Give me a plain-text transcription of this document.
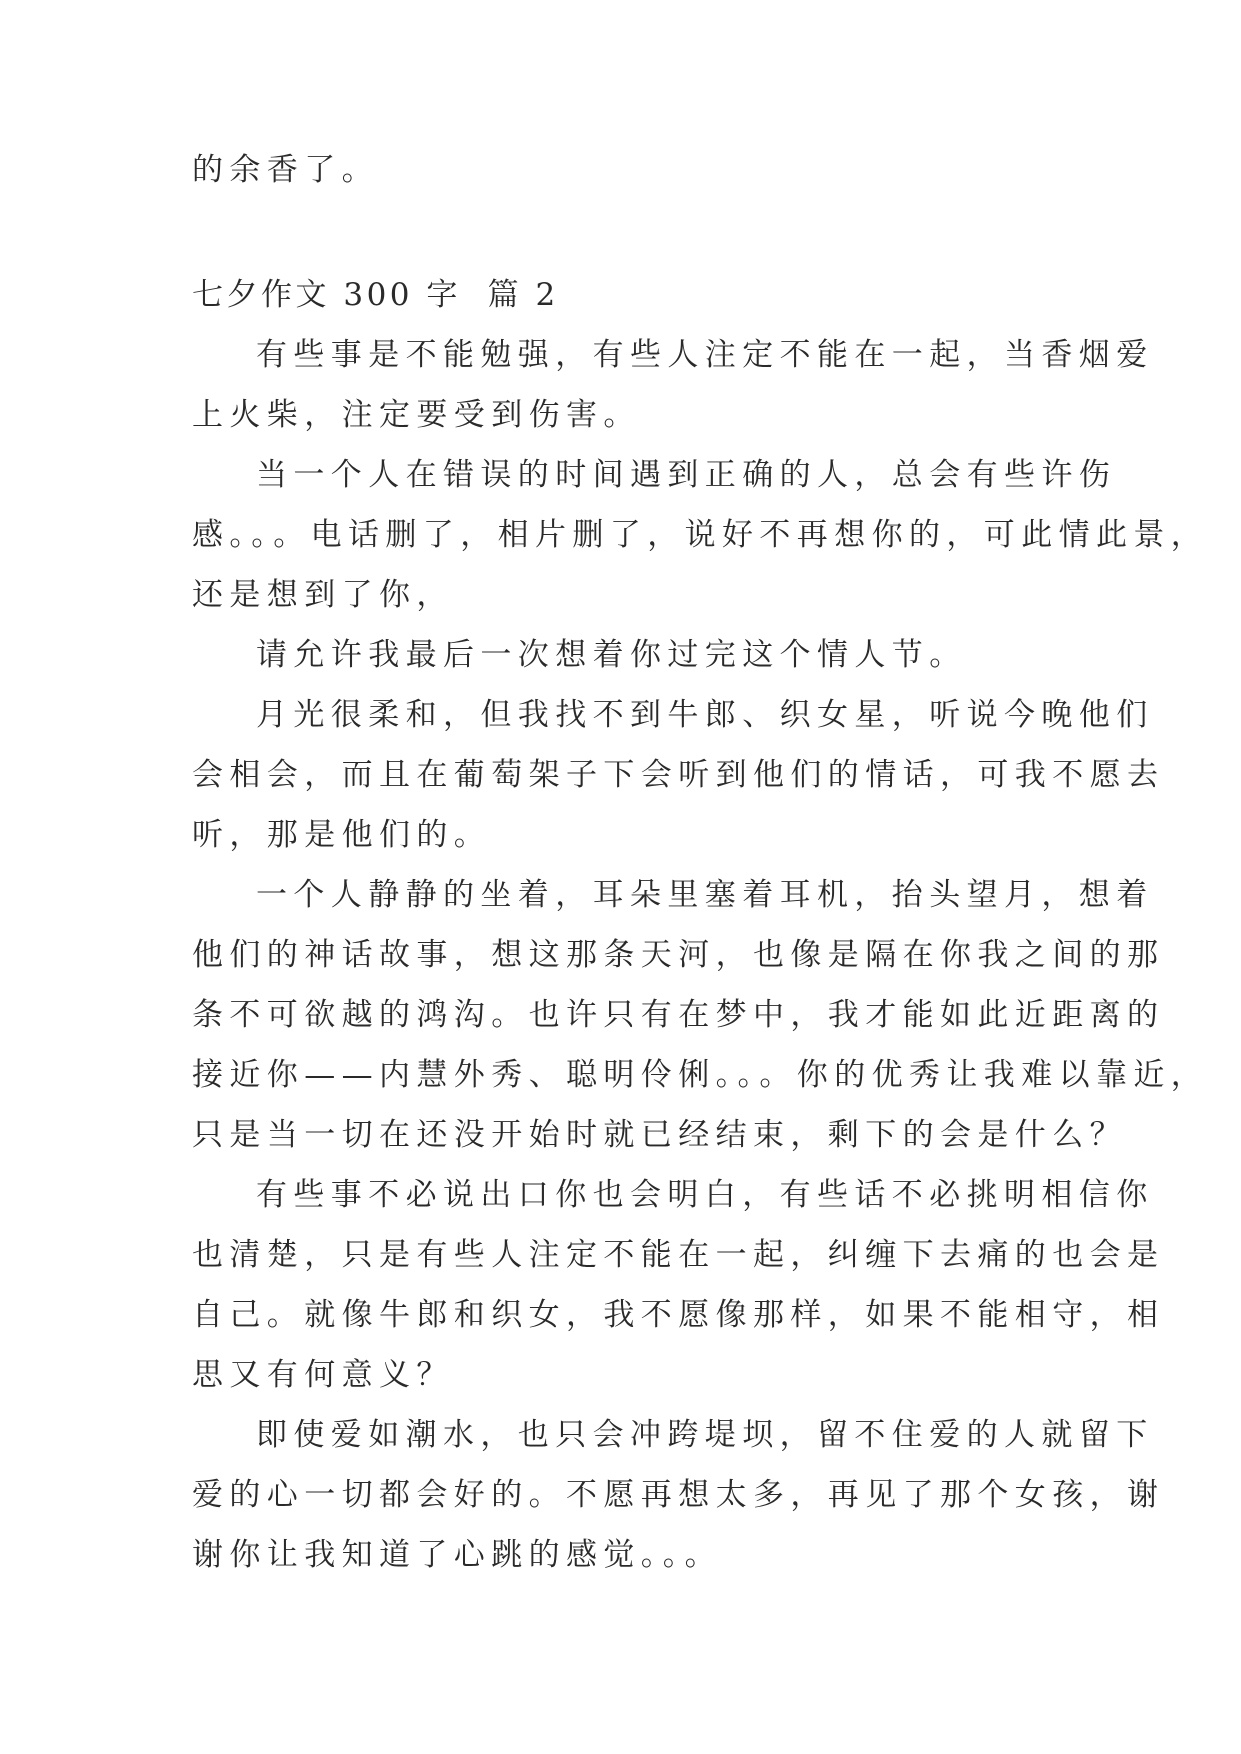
的余香了。
七夕作文 300 字  篇 2
有些事是不能勉强，有些人注定不能在一起，当香烟爱
上火柴，注定要受到伤害。
当一个人在错误的时间遇到正确的人，总会有些许伤
感。。。电话删了，相片删了，说好不再想你的，可此情此景，
还是想到了你，
请允许我最后一次想着你过完这个情人节。
月光很柔和，但我找不到牛郎、织女星，听说今晚他们
会相会，而且在葡萄架子下会听到他们的情话，可我不愿去
听，那是他们的。
一个人静静的坐着，耳朵里塞着耳机，抬头望月，想着
他们的神话故事，想这那条天河，也像是隔在你我之间的那
条不可欲越的鸿沟。也许只有在梦中，我才能如此近距离的
接近你——内慧外秀、聪明伶俐。。。你的优秀让我难以靠近，
只是当一切在还没开始时就已经结束，剩下的会是什么？
有些事不必说出口你也会明白，有些话不必挑明相信你
也清楚，只是有些人注定不能在一起，纠缠下去痛的也会是
自己。就像牛郎和织女，我不愿像那样，如果不能相守，相
思又有何意义？
即使爱如潮水，也只会冲跨堤坝，留不住爱的人就留下
爱的心一切都会好的。不愿再想太多，再见了那个女孩，谢
谢你让我知道了心跳的感觉。。。
